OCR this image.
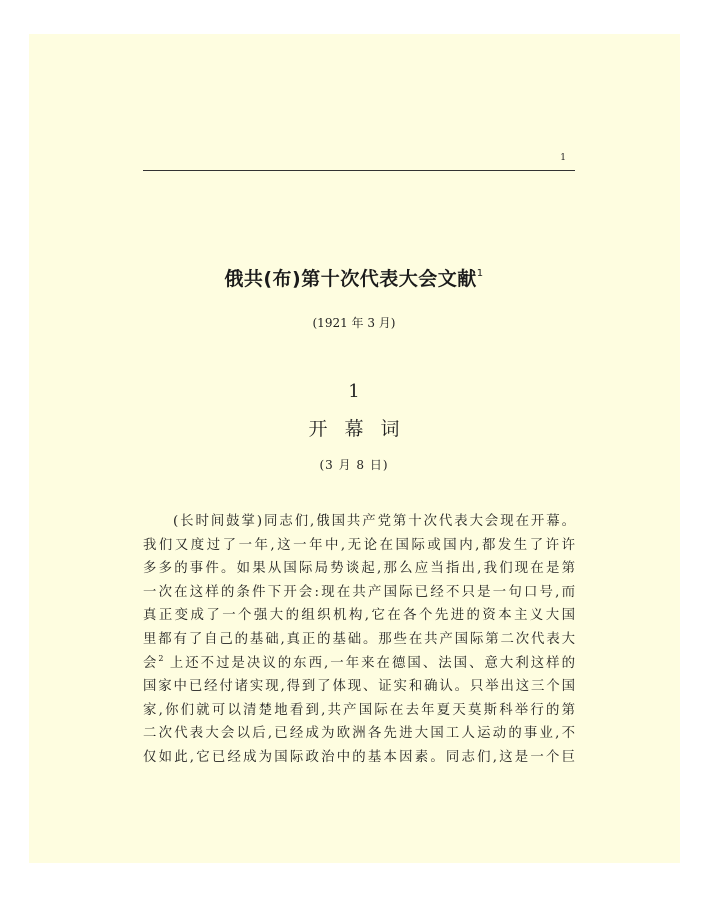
1
俄共(布)第十次代表大会文献$^1$
(1921 年 3 月)
1
开幕词
(3 月 8 日)
(长时间鼓掌)同志们,俄国共产党第十次代表大会现在开幕。
我们又度过了一年,这一年中,无论在国际或国内,都发生了许许
多多的事件。如果从国际局势谈起,那么应当指出,我们现在是第
一次在这样的条件下开会:现在共产国际已经不只是一句口号,而
真正变成了一个强大的组织机构,它在各个先进的资本主义大国
里都有了自己的基础,真正的基础。那些在共产国际第二次代表大
会$^2$ 上还不过是决议的东西,一年来在德国、法国、意大利这样的
国家中已经付诸实现,得到了体现、证实和确认。只举出这三个国
家,你们就可以清楚地看到,共产国际在去年夏天莫斯科举行的第
二次代表大会以后,已经成为欧洲各先进大国工人运动的事业,不
仅如此,它已经成为国际政治中的基本因素。同志们,这是一个巨
